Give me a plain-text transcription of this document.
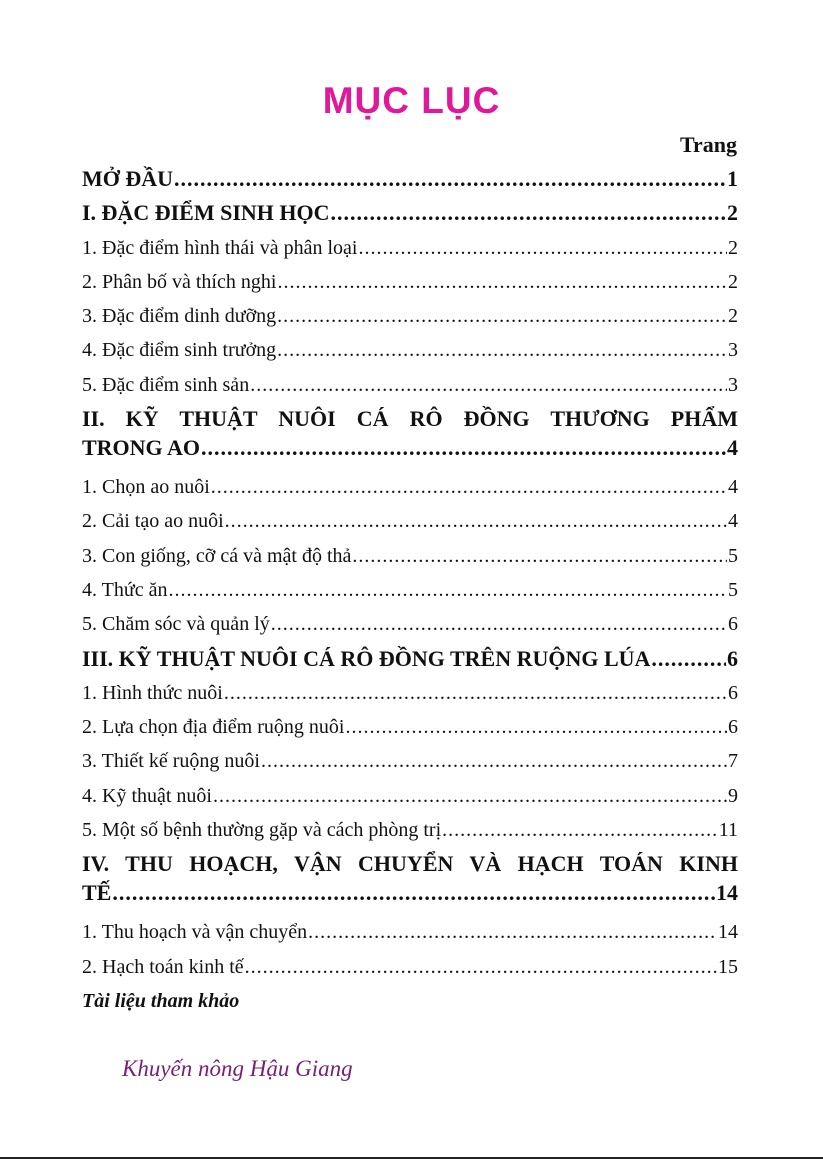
MỤC LỤC
Trang
MỞ ĐẦU .....	1
I. ĐẶC ĐIỂM SINH HỌC .....	2
1. Đặc điểm hình thái và phân loại .....	2
2. Phân bố và thích nghi .....	2
3. Đặc điểm dinh dưỡng .....	2
4. Đặc điểm sinh trưởng .....	3
5. Đặc điểm sinh sản .....	3
II. KỸ THUẬT NUÔI CÁ RÔ ĐỒNG THƯƠNG PHẨM
TRONG AO .....	4
1. Chọn ao nuôi .....	4
2. Cải tạo ao nuôi .....	4
3. Con giống, cỡ cá và mật độ thả .....	5
4. Thức ăn .....	5
5. Chăm sóc và quản lý .....	6
III. KỸ THUẬT NUÔI CÁ RÔ ĐỒNG TRÊN RUỘNG LÚA .....	6
1. Hình thức nuôi .....	6
2. Lựa chọn địa điểm ruộng nuôi .....	6
3. Thiết kế ruộng nuôi .....	7
4. Kỹ thuật nuôi .....	9
5. Một số bệnh thường gặp và cách phòng trị .....	11
IV. THU HOẠCH, VẬN CHUYỂN VÀ HẠCH TOÁN KINH
TẾ .....	14
1. Thu hoạch và vận chuyển .....	14
2. Hạch toán kinh tế .....	15
Tài liệu tham khảo
Khuyến nông Hậu Giang
